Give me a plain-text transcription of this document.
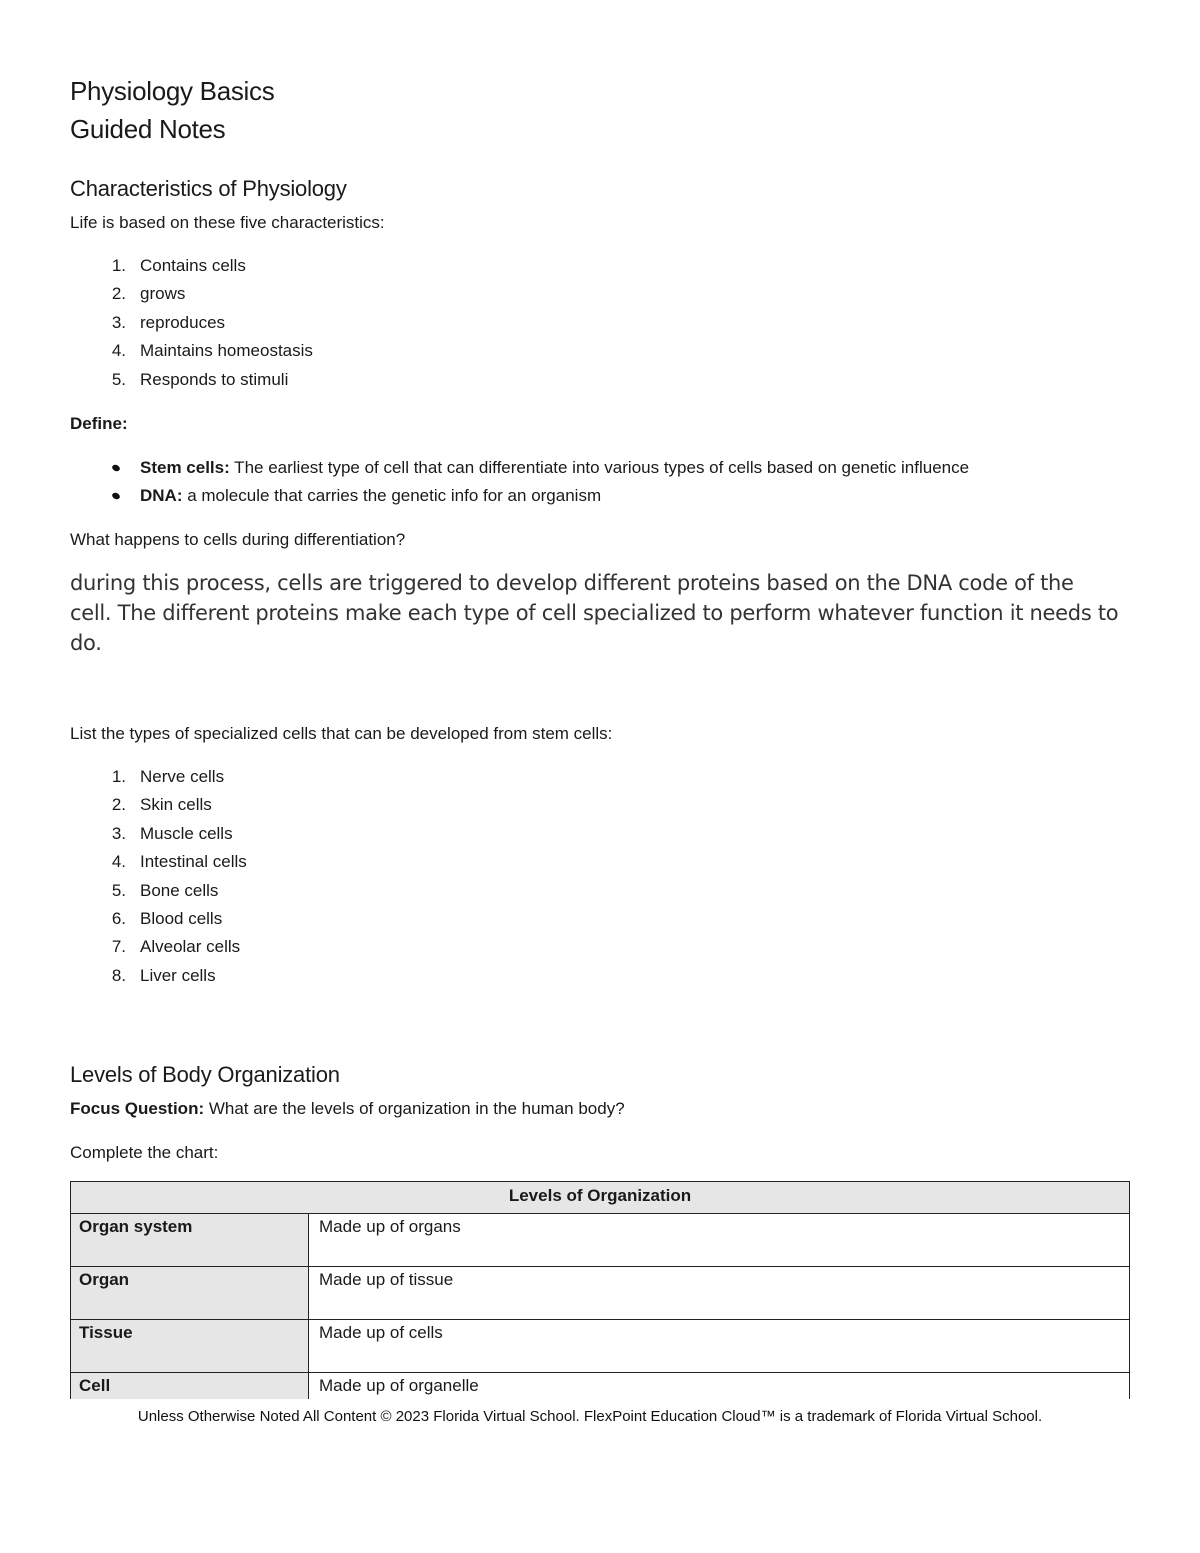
Physiology Basics
Guided Notes
Characteristics of Physiology
Life is based on these five characteristics:
1. Contains cells
2. grows
3. reproduces
4. Maintains homeostasis
5. Responds to stimuli
Define:
Stem cells: The earliest type of cell that can differentiate into various types of cells based on genetic influence
DNA: a molecule that carries the genetic info for an organism
What happens to cells during differentiation?
during this process, cells are triggered to develop different proteins based on the DNA code of the cell. The different proteins make each type of cell specialized to perform whatever function it needs to do.
List the types of specialized cells that can be developed from stem cells:
1. Nerve cells
2. Skin cells
3. Muscle cells
4. Intestinal cells
5. Bone cells
6. Blood cells
7. Alveolar cells
8. Liver cells
Levels of Body Organization
Focus Question: What are the levels of organization in the human body?
Complete the chart:
Levels of Organization	
Organ system	Made up of organs
Organ	Made up of tissue
Tissue	Made up of cells
Cell	Made up of organelle
Unless Otherwise Noted All Content © 2023 Florida Virtual School. FlexPoint Education Cloud™ is a trademark of Florida Virtual School.
